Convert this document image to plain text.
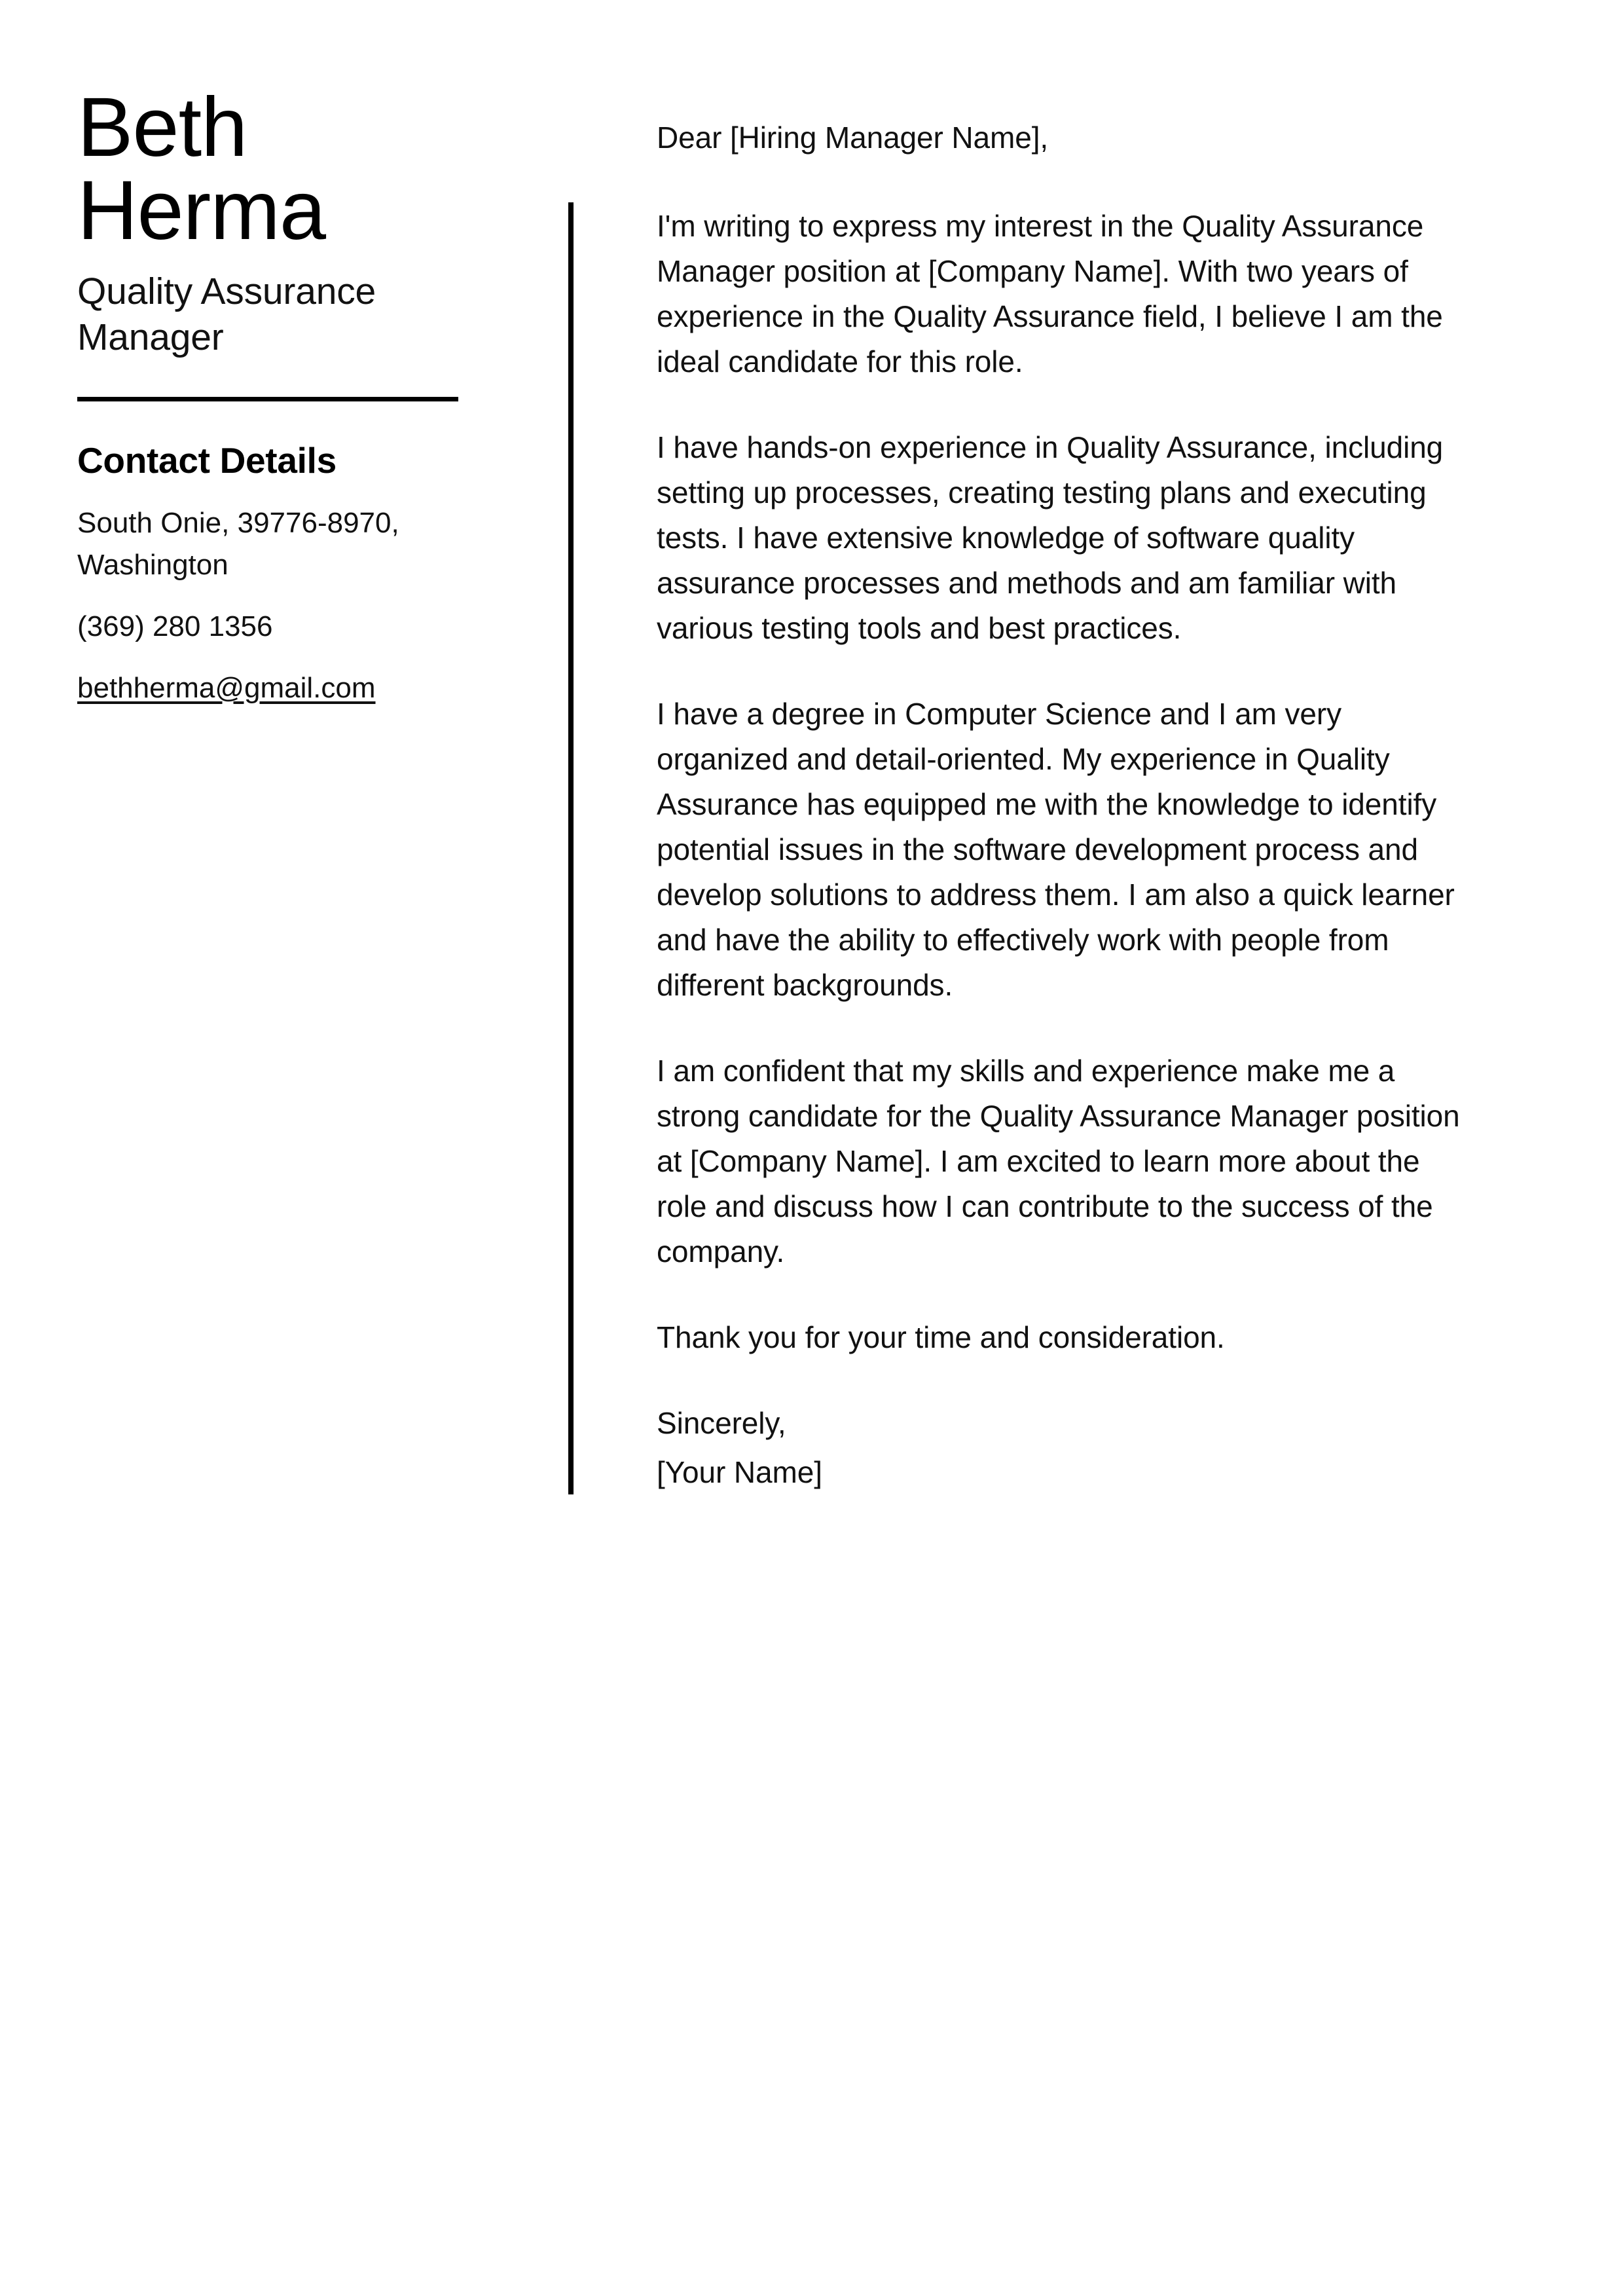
Beth
Herma
Quality Assurance Manager
Contact Details
South Onie, 39776-8970, Washington
(369) 280 1356
bethherma@gmail.com

Dear [Hiring Manager Name],

I'm writing to express my interest in the Quality Assurance Manager position at [Company Name]. With two years of experience in the Quality Assurance field, I believe I am the ideal candidate for this role.

I have hands-on experience in Quality Assurance, including setting up processes, creating testing plans and executing tests. I have extensive knowledge of software quality assurance processes and methods and am familiar with various testing tools and best practices.

I have a degree in Computer Science and I am very organized and detail-oriented. My experience in Quality Assurance has equipped me with the knowledge to identify potential issues in the software development process and develop solutions to address them. I am also a quick learner and have the ability to effectively work with people from different backgrounds.

I am confident that my skills and experience make me a strong candidate for the Quality Assurance Manager position at [Company Name]. I am excited to learn more about the role and discuss how I can contribute to the success of the company.

Thank you for your time and consideration.

Sincerely,

[Your Name]
